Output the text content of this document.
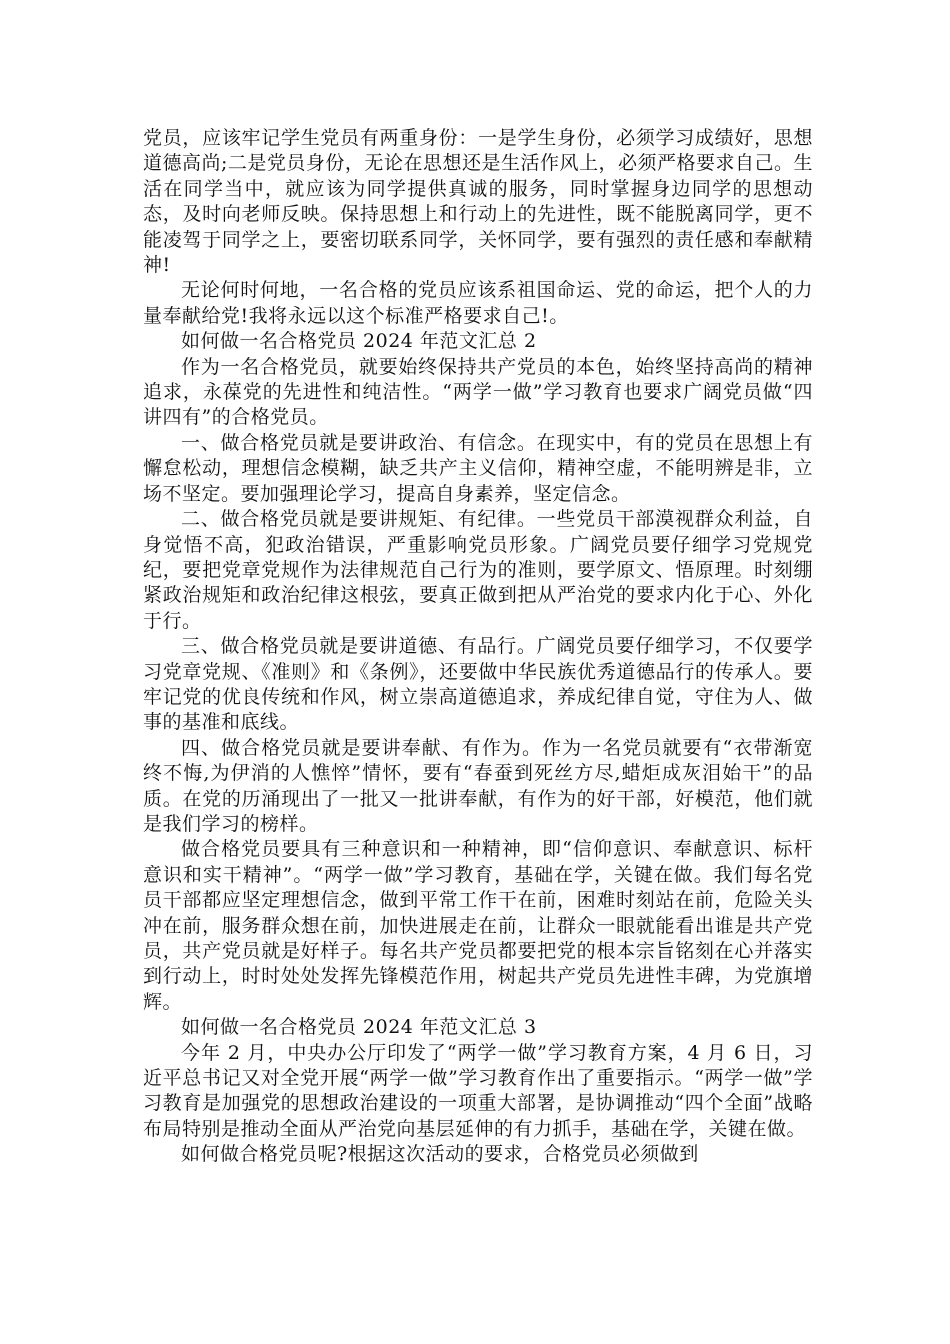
党员，应该牢记学生党员有两重身份：一是学生身份，必须学习成绩好，思想道德高尚;二是党员身份，无论在思想还是生活作风上，必须严格要求自己。生活在同学当中，就应该为同学提供真诚的服务，同时掌握身边同学的思想动态，及时向老师反映。保持思想上和行动上的先进性，既不能脱离同学，更不能凌驾于同学之上，要密切联系同学，关怀同学，要有强烈的责任感和奉献精神!

无论何时何地，一名合格的党员应该系祖国命运、党的命运，把个人的力量奉献给党!我将永远以这个标准严格要求自己!。

如何做一名合格党员 2024 年范文汇总 2

作为一名合格党员，就要始终保持共产党员的本色，始终坚持高尚的精神追求，永葆党的先进性和纯洁性。“两学一做”学习教育也要求广阔党员做“四讲四有”的合格党员。

一、做合格党员就是要讲政治、有信念。在现实中，有的党员在思想上有懈怠松动，理想信念模糊，缺乏共产主义信仰，精神空虚，不能明辨是非，立场不坚定。要加强理论学习，提高自身素养，坚定信念。

二、做合格党员就是要讲规矩、有纪律。一些党员干部漠视群众利益，自身觉悟不高，犯政治错误，严重影响党员形象。广阔党员要仔细学习党规党纪，要把党章党规作为法律规范自己行为的准则，要学原文、悟原理。时刻绷紧政治规矩和政治纪律这根弦，要真正做到把从严治党的要求内化于心、外化于行。

三、做合格党员就是要讲道德、有品行。广阔党员要仔细学习，不仅要学习党章党规、《准则》和《条例》，还要做中华民族优秀道德品行的传承人。要牢记党的优良传统和作风，树立崇高道德追求，养成纪律自觉，守住为人、做事的基准和底线。

四、做合格党员就是要讲奉献、有作为。作为一名党员就要有“衣带渐宽终不悔,为伊消的人憔悴”情怀，要有“春蚕到死丝方尽,蜡炬成灰泪始干”的品质。在党的历涌现出了一批又一批讲奉献，有作为的好干部，好模范，他们就是我们学习的榜样。

做合格党员要具有三种意识和一种精神，即“信仰意识、奉献意识、标杆意识和实干精神”。“两学一做”学习教育，基础在学，关键在做。我们每名党员干部都应坚定理想信念，做到平常工作干在前，困难时刻站在前，危险关头冲在前，服务群众想在前，加快进展走在前，让群众一眼就能看出谁是共产党员，共产党员就是好样子。每名共产党员都要把党的根本宗旨铭刻在心并落实到行动上，时时处处发挥先锋模范作用，树起共产党员先进性丰碑，为党旗增辉。

如何做一名合格党员 2024 年范文汇总 3

今年 2 月，中央办公厅印发了“两学一做”学习教育方案，4 月 6 日，习近平总书记又对全党开展“两学一做”学习教育作出了重要指示。“两学一做”学习教育是加强党的思想政治建设的一项重大部署，是协调推动“四个全面”战略布局特别是推动全面从严治党向基层延伸的有力抓手，基础在学，关键在做。

如何做合格党员呢?根据这次活动的要求，合格党员必须做到
